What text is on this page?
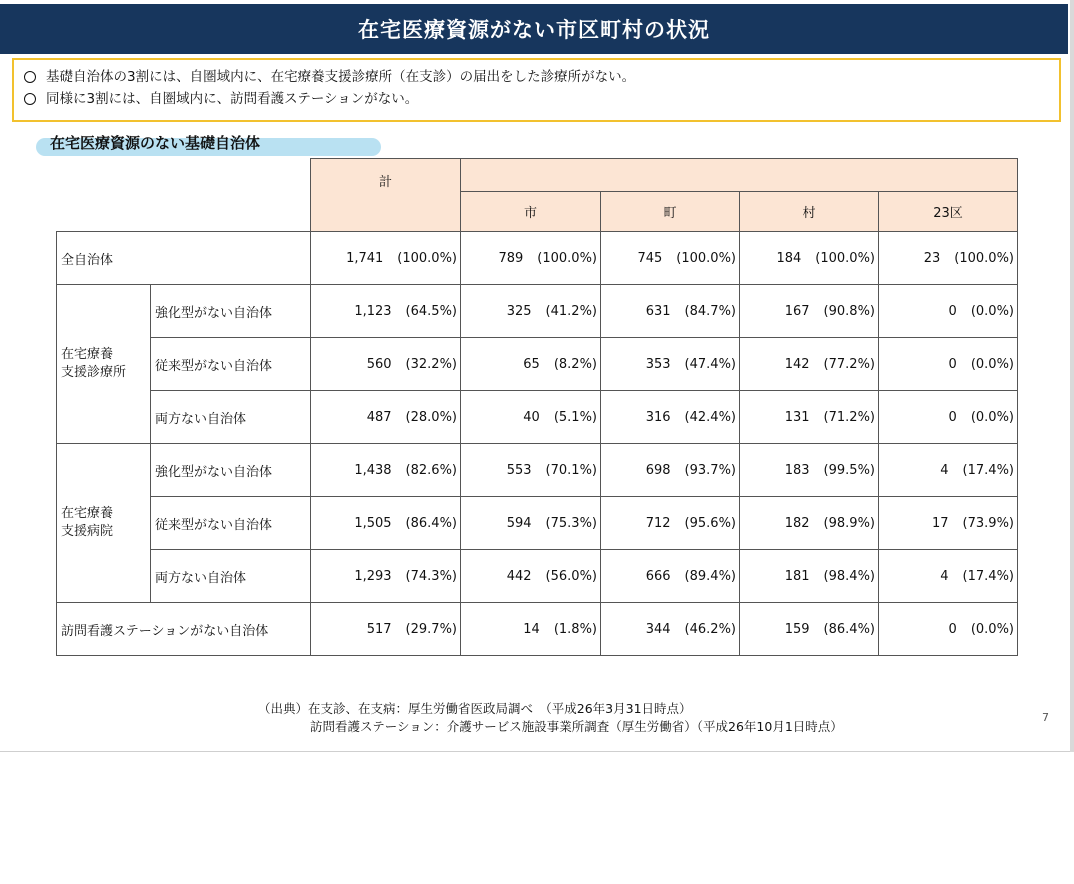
在宅医療資源がない市区町村の状況
基礎自治体の3割には、自圏域内に、在宅療養支援診療所（在支診）の届出をした診療所がない。
同様に3割には、自圏域内に、訪問看護ステーションがない。
在宅医療資源のない基礎自治体
		計				
			市	町	村	23区
全自治体		1,741 (100.0%)	789 (100.0%)	745 (100.0%)	184 (100.0%)	23 (100.0%)

在宅療養
支援診療所	強化型がない自治体	1,123 (64.5%)	325 (41.2%)	631 (84.7%)	167 (90.8%)	0 (0.0%)

	従来型がない自治体	560 (32.2%)	65 (8.2%)	353 (47.4%)	142 (77.2%)	0 (0.0%)

	両方ない自治体	487 (28.0%)	40 (5.1%)	316 (42.4%)	131 (71.2%)	0 (0.0%)

在宅療養
支援病院	強化型がない自治体	1,438 (82.6%)	553 (70.1%)	698 (93.7%)	183 (99.5%)	4 (17.4%)

	従来型がない自治体	1,505 (86.4%)	594 (75.3%)	712 (95.6%)	182 (98.9%)	17 (73.9%)

	両方ない自治体	1,293 (74.3%)	442 (56.0%)	666 (89.4%)	181 (98.4%)	4 (17.4%)

訪問看護ステーションがない自治体		517 (29.7%)	14 (1.8%)	344 (46.2%)	159 (86.4%)	0 (0.0%)
（出典）在支診、在支病：厚生労働省医政局調べ　（平成26年3月31日時点）
訪問看護ステーション：介護サービス施設事業所調査（厚生労働省）（平成26年10月1日時点）
7
